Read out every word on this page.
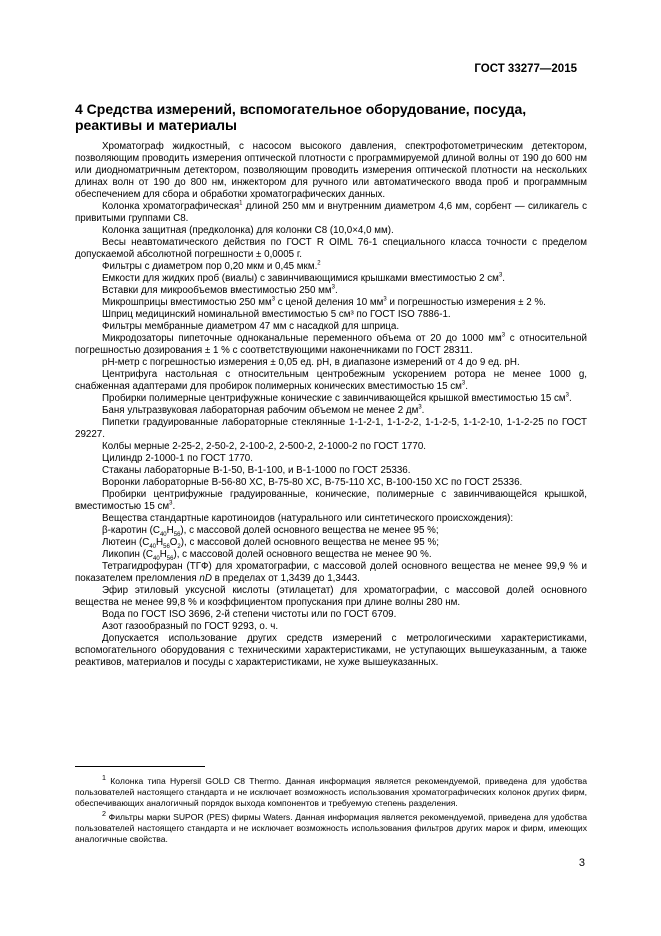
ГОСТ 33277—2015
4 Средства измерений, вспомогательное оборудование, посуда, реактивы и материалы

Хроматограф жидкостный, с насосом высокого давления, спектрофотометрическим детектором, позволяющим проводить измерения оптической плотности с программируемой длиной волны от 190 до 600 нм или диодноматричным детектором, позволяющим проводить измерения оптической плотности на нескольких длинах волн от 190 до 800 нм, инжектором для ручного или автоматического ввода проб и программным обеспечением для сбора и обработки хроматографических данных.

Колонка хроматографическая$^1$ длиной 250 мм и внутренним диаметром 4,6 мм, сорбент — силикагель с привитыми группами C8.

Колонка защитная (предколонка) для колонки C8 (10,0×4,0 мм).

Весы неавтоматического действия по ГОСТ R OIML 76-1 специального класса точности с пределом допускаемой абсолютной погрешности ± 0,0005 г.

Фильтры с диаметром пор 0,20 мкм и 0,45 мкм.$^2$

Емкости для жидких проб (виалы) с завинчивающимися крышками вместимостью 2 $см^3$.

Вставки для микрообъемов вместимостью 250 $мм^3$.

Микрошприцы вместимостью 250 $мм^3$ с ценой деления 10 $мм^3$ и погрешностью измерения ± 2 %.

Шприц медицинский номинальной вместимостью 5 см³ по ГОСТ ISO 7886-1.

Фильтры мембранные диаметром 47 мм с насадкой для шприца.

Микродозаторы пипеточные одноканальные переменного объема от 20 до 1000 $мм^3$ с относительной погрешностью дозирования ± 1 % с соответствующими наконечниками по ГОСТ 28311.

pH-метр с погрешностью измерения ± 0,05 ед. pH, в диапазоне измерений от 4 до 9 ед. pH.

Центрифуга настольная с относительным центробежным ускорением ротора не менее 1000 g, снабженная адаптерами для пробирок полимерных конических вместимостью 15 $см^3$.

Пробирки полимерные центрифужные конические с завинчивающейся крышкой вместимостью 15 $см^3$.

Баня ультразвуковая лабораторная рабочим объемом не менее 2 $дм^3$.

Пипетки градуированные лабораторные стеклянные 1-1-2-1, 1-1-2-2, 1-1-2-5, 1-1-2-10, 1-1-2-25 по ГОСТ 29227.

Колбы мерные 2-25-2, 2-50-2, 2-100-2, 2-500-2, 2-1000-2 по ГОСТ 1770.

Цилиндр 2-1000-1 по ГОСТ 1770.

Стаканы лабораторные B-1-50, B-1-100, и B-1-1000 по ГОСТ 25336.

Воронки лабораторные B-56-80 XC, B-75-80 XC, B-75-110 XC, B-100-150 XC по ГОСТ 25336.

Пробирки центрифужные градуированные, конические, полимерные с завинчивающейся крышкой, вместимостью 15 $см^3$.

Вещества стандартные каротиноидов (натурального или синтетического происхождения):

β-каротин $(C_{40}H_{56})$, с массовой долей основного вещества не менее 95 %;

Лютеин $(C_{40}H_{56}O_2)$, с массовой долей основного вещества не менее 95 %;

Ликопин $(C_{40}H_{56})$, с массовой долей основного вещества не менее 90 %.

Тетрагидрофуран (ТГФ) для хроматографии, с массовой долей основного вещества не менее 99,9 % и показателем преломления nD в пределах от 1,3439 до 1,3443.

Эфир этиловый уксусной кислоты (этилацетат) для хроматографии, с массовой долей основного вещества не менее 99,8 % и коэффициентом пропускания при длине волны 280 нм.

Вода по ГОСТ ISO 3696, 2-й степени чистоты или по ГОСТ 6709.

Азот газообразный по ГОСТ 9293, о. ч.

Допускается использование других средств измерений с метрологическими характеристиками, вспомогательного оборудования с техническими характеристиками, не уступающих вышеуказанным, а также реактивов, материалов и посуды с характеристиками, не хуже вышеуказанных.

$^1$ Колонка типа Hypersil GOLD C8 Thermo. Данная информация является рекомендуемой, приведена для удобства пользователей настоящего стандарта и не исключает возможность использования хроматографических колонок других фирм, обеспечивающих аналогичный порядок выхода компонентов и требуемую степень разделения.

$^2$ Фильтры марки SUPOR (PES) фирмы Waters. Данная информация является рекомендуемой, приведена для удобства пользователей настоящего стандарта и не исключает возможность использования фильтров других марок и фирм, имеющих аналогичные свойства.

3
